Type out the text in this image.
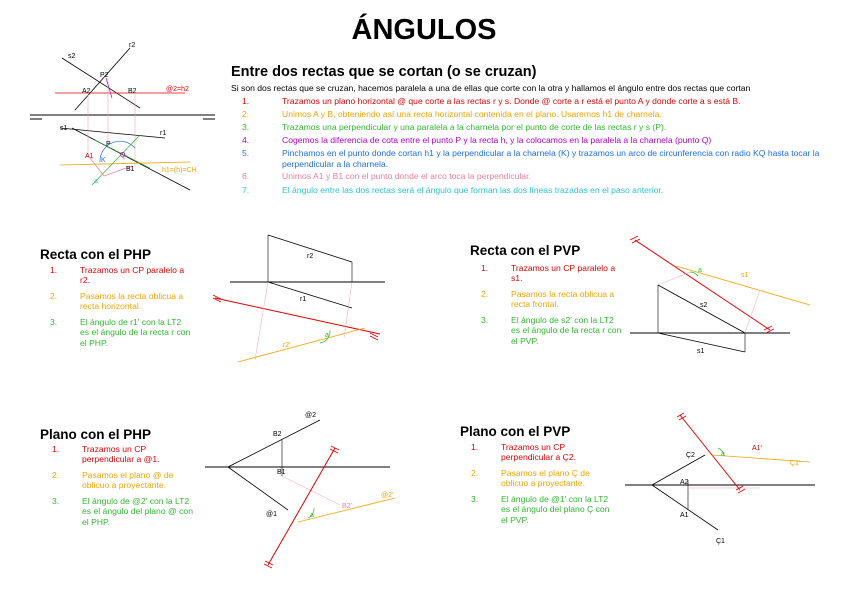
ÁNGULOS
Entre dos rectas que se cortan (o se cruzan)
Si son dos rectas que se cruzan, hacemos paralela a una de ellas que corte con la otra y hallamos el ángulo entre dos rectas que cortan
1.	Trazamos un plano horizontal @ que corte a las rectas r y s. Donde @ corte a r está el punto A y donde corte a s está B.
2.	Unimos A y B, obteniendo así una recta horizontal contenida en el plano. Usaremos h1 de charnela.
3.	Trazamos una perpendicular y una paralela a la charnela por el punto de corte de las rectas r y s (P).
4.	Cogemos la diferencia de cota entre el punto P y la recta h, y la colocamos en la paralela a la charnela (punto Q)
5.	Pinchamos en el punto donde cortan h1 y la perpendicular a la charnela (K) y trazamos un arco de circunferencia con radio KQ hasta tocar la perpendicular a la charnela.
6.	Unimos A1 y B1 con el punto donde el arco toca la perpendicular.
7.	El ángulo entre las dos rectas será el ángulo que forman las dos líneas trazadas en el paso anterior.
Recta con el PHP
1.	Trazamos un CP paralelo a r2.
2.	Pasamos la recta oblicua a recta horizontal.
3.	El ángulo de r1' con la LT2 es el ángulo de la recta r con el PHP.
Recta con el PVP
1.	Trazamos un CP paralelo a s1.
2.	Pasamos la recta oblicua a recta frontal.
3.	El ángulo de s2' con la LT2 es el ángulo de la recta r con el PVP.
Plano con el PHP
1.	Trazamos un CP perpendicular a @1.
2.	Pasamos el plano @ de oblicuo a proyectante.
3.	El ángulo de @2' con la LT2 es el ángulo del plano @ con el PHP.
Plano con el PVP
1.	Trazamos un CP perpendicular a Ç2.
2.	Pasamos el plano Ç de oblicuo a proyectante.
3.	El ángulo de @1' con la LT2 es el ángulo del plano Ç con el PVP.
s2
r2
P2
A2	B2	@2=h2
s1
r1
P
A1
B1	h1=(h)=CH
Q
K
a
r2
r1
a
r2'
a
s1'
s2
s1
@2
B2
B1
@1	a
B2'
@2'
Ç2	a
A1'
Ç1'
A2
A1
Ç1
